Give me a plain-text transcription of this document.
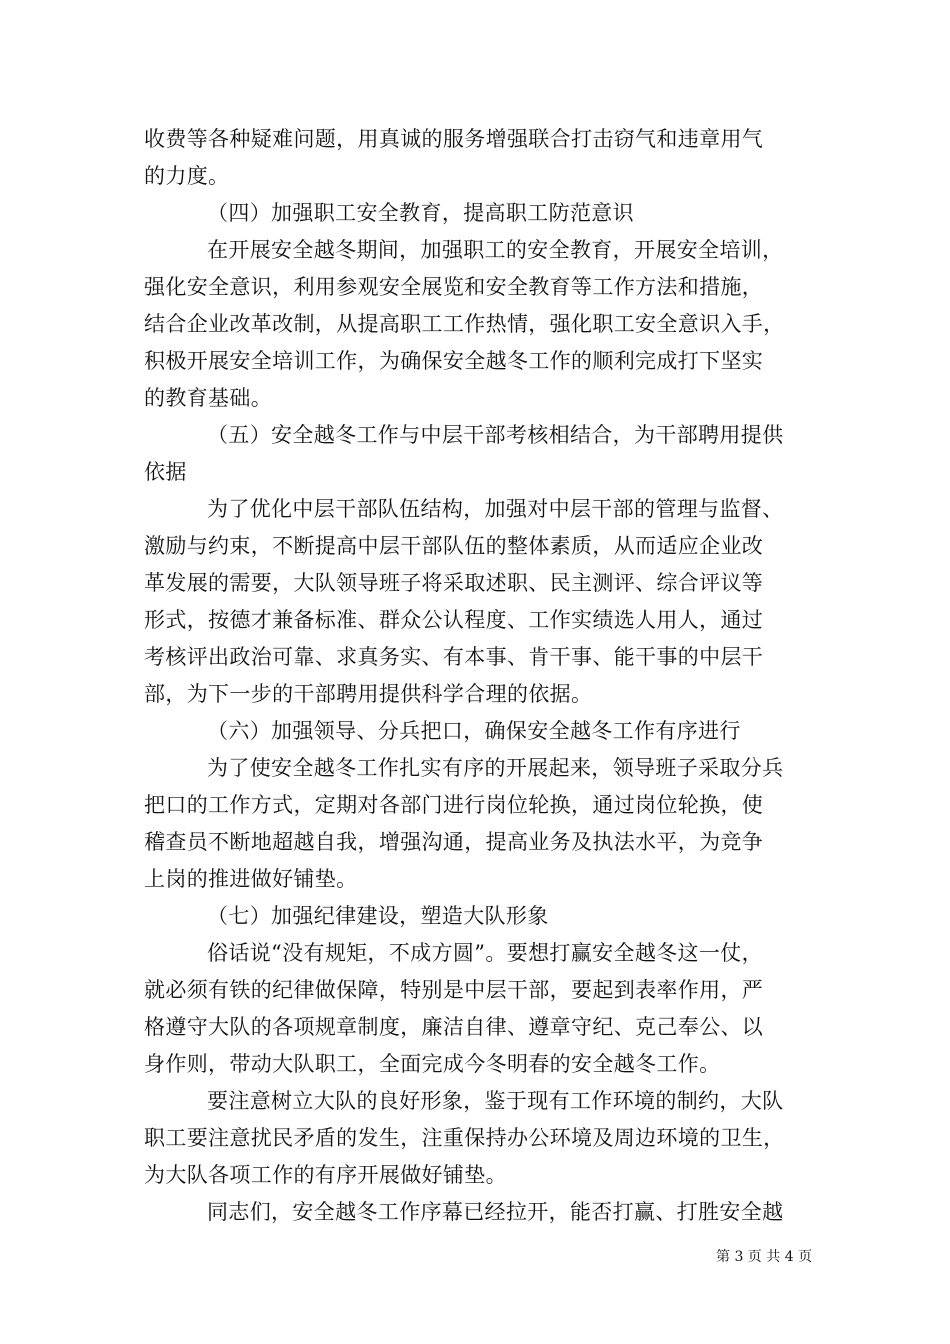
收费等各种疑难问题，用真诚的服务增强联合打击窃气和违章用气
的力度。
（四）加强职工安全教育，提高职工防范意识
在开展安全越冬期间，加强职工的安全教育，开展安全培训，
强化安全意识，利用参观安全展览和安全教育等工作方法和措施，
结合企业改革改制，从提高职工工作热情，强化职工安全意识入手，
积极开展安全培训工作，为确保安全越冬工作的顺利完成打下坚实
的教育基础。
（五）安全越冬工作与中层干部考核相结合，为干部聘用提供
依据
为了优化中层干部队伍结构，加强对中层干部的管理与监督、
激励与约束，不断提高中层干部队伍的整体素质，从而适应企业改
革发展的需要，大队领导班子将采取述职、民主测评、综合评议等
形式，按德才兼备标准、群众公认程度、工作实绩选人用人，通过
考核评出政治可靠、求真务实、有本事、肯干事、能干事的中层干
部，为下一步的干部聘用提供科学合理的依据。
（六）加强领导、分兵把口，确保安全越冬工作有序进行
为了使安全越冬工作扎实有序的开展起来，领导班子采取分兵
把口的工作方式，定期对各部门进行岗位轮换，通过岗位轮换，使
稽查员不断地超越自我，增强沟通，提高业务及执法水平，为竞争
上岗的推进做好铺垫。
（七）加强纪律建设，塑造大队形象
俗话说“没有规矩，不成方圆”。要想打赢安全越冬这一仗，
就必须有铁的纪律做保障，特别是中层干部，要起到表率作用，严
格遵守大队的各项规章制度，廉洁自律、遵章守纪、克己奉公、以
身作则，带动大队职工，全面完成今冬明春的安全越冬工作。
要注意树立大队的良好形象，鉴于现有工作环境的制约，大队
职工要注意扰民矛盾的发生，注重保持办公环境及周边环境的卫生，
为大队各项工作的有序开展做好铺垫。
同志们，安全越冬工作序幕已经拉开，能否打赢、打胜安全越
第 3 页 共 4 页
